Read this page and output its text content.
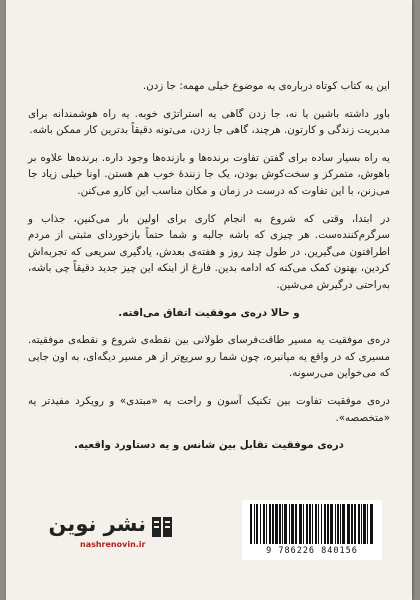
این یه کتاب کوتاه درباره‌ی یه موضوع خیلی مهمه: جا زدن.

باور داشته باشین یا نه، جا زدن گاهی یه استراتژی خوبه. یه راه هوشمندانه برای مدیریت زندگی و کارتون. هرچند، گاهی جا زدن، می‌تونه دقیقاً بدترین کار ممکن باشه.

یه راه بسیار ساده برای گفتن تفاوت برنده‌ها و بازنده‌ها وجود داره. برنده‌ها علاوه بر باهوش، متمرکز و سخت‌کوش بودن، یک جا زنندهٔ خوب هم هستن. اونا خیلی زیاد جا می‌زنن، با این تفاوت که درست در زمان و مکان مناسب این کارو می‌کنن.

در ابتدا، وقتی که شروع به انجام کاری برای اولین بار می‌کنین، جذاب و سرگرم‌کننده‌ست. هر چیزی که باشه جالبه و شما حتماً بازخوردای مثبتی از مردم اطرافتون می‌گیرین. در طول چند روز و هفته‌ی بعدش، یادگیری سریعی که تجربه‌اش کردین، بهتون کمک می‌کنه که ادامه بدین. فارغ از اینکه این چیز جدید دقیقاً چی باشه، به‌راحتی درگیرش می‌شین.

و حالا دره‌ی موفقیت اتفاق می‌افته.

دره‌ی موفقیت یه مسیر طاقت‌فرسای طولانی بین نقطه‌ی شروع و نقطه‌ی موفقیته. مسیری که در واقع یه میانبره، چون شما رو سریع‌تر از هر مسیر دیگه‌ای، به اون جایی که می‌خواین می‌رسونه.

دره‌ی موفقیت تفاوت بین تکنیک آسون و راحت یه «مبتدی» و رویکرد مفیدتر یه «متخصصه».

دره‌ی موفقیت تقابل بین شانس و یه دستاورد واقعیه.

نشر نوین
nashrenovin.ir
9 786226 840156
